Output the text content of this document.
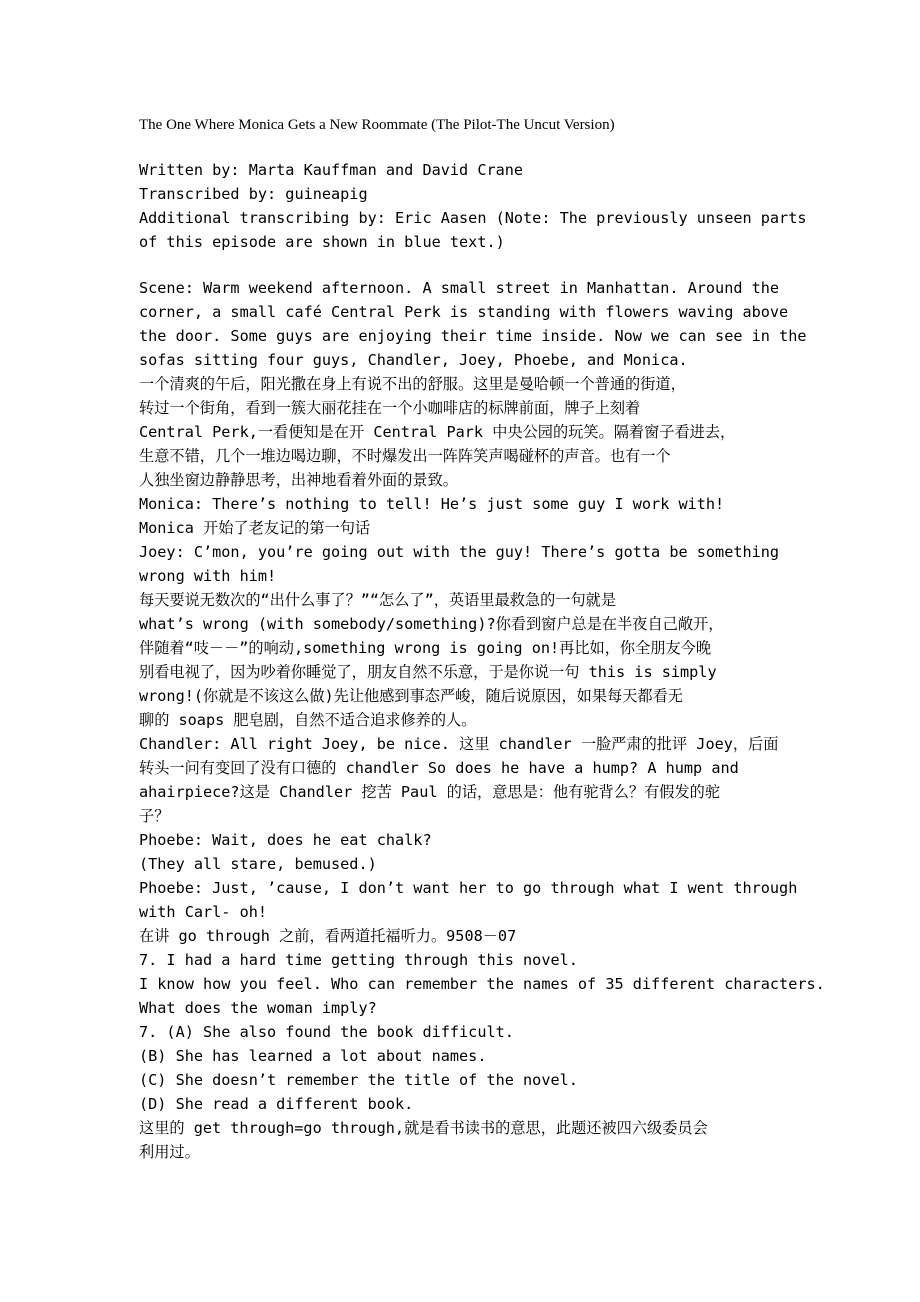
The One Where Monica Gets a New Roommate (The Pilot-The Uncut Version)
Written by: Marta Kauffman and David Crane
Transcribed by: guineapig
Additional transcribing by: Eric Aasen (Note: The previously unseen parts
of this episode are shown in blue text.)
Scene: Warm weekend afternoon. A small street in Manhattan. Around the
corner, a small café Central Perk is standing with flowers waving above
the door. Some guys are enjoying their time inside. Now we can see in the
sofas sitting four guys, Chandler, Joey, Phoebe, and Monica.
一个清爽的午后，阳光撒在身上有说不出的舒服。这里是曼哈顿一个普通的街道，
转过一个街角，看到一簇大丽花挂在一个小咖啡店的标牌前面，牌子上刻着
Central Perk,一看便知是在开 Central Park 中央公园的玩笑。隔着窗子看进去，
生意不错，几个一堆边喝边聊，不时爆发出一阵阵笑声喝碰杯的声音。也有一个
人独坐窗边静静思考，出神地看着外面的景致。
Monica: There’s nothing to tell! He’s just some guy I work with!
Monica 开始了老友记的第一句话
Joey: C’mon, you’re going out with the guy! There’s gotta be something
wrong with him!
每天要说无数次的“出什么事了？”“怎么了”，英语里最救急的一句就是
what’s wrong (with somebody/something)?你看到窗户总是在半夜自己敞开，
伴随着“吱－－”的响动,something wrong is going on!再比如，你全朋友今晚
别看电视了，因为吵着你睡觉了，朋友自然不乐意，于是你说一句 this is simply
wrong!(你就是不该这么做)先让他感到事态严峻，随后说原因，如果每天都看无
聊的 soaps 肥皂剧，自然不适合追求修养的人。
Chandler: All right Joey, be nice. 这里 chandler 一脸严肃的批评 Joey，后面
转头一问有变回了没有口德的 chandler So does he have a hump? A hump and
ahairpiece?这是 Chandler 挖苦 Paul 的话，意思是：他有驼背么？有假发的驼
子？
Phoebe: Wait, does he eat chalk?
(They all stare, bemused.)
Phoebe: Just, ’cause, I don’t want her to go through what I went through
with Carl- oh!
在讲 go through 之前，看两道托福听力。9508－07
7. I had a hard time getting through this novel.
I know how you feel. Who can remember the names of 35 different characters.
What does the woman imply?
7. (A) She also found the book difficult.
(B) She has learned a lot about names.
(C) She doesn’t remember the title of the novel.
(D) She read a different book.
这里的 get through=go through,就是看书读书的意思，此题还被四六级委员会
利用过。
